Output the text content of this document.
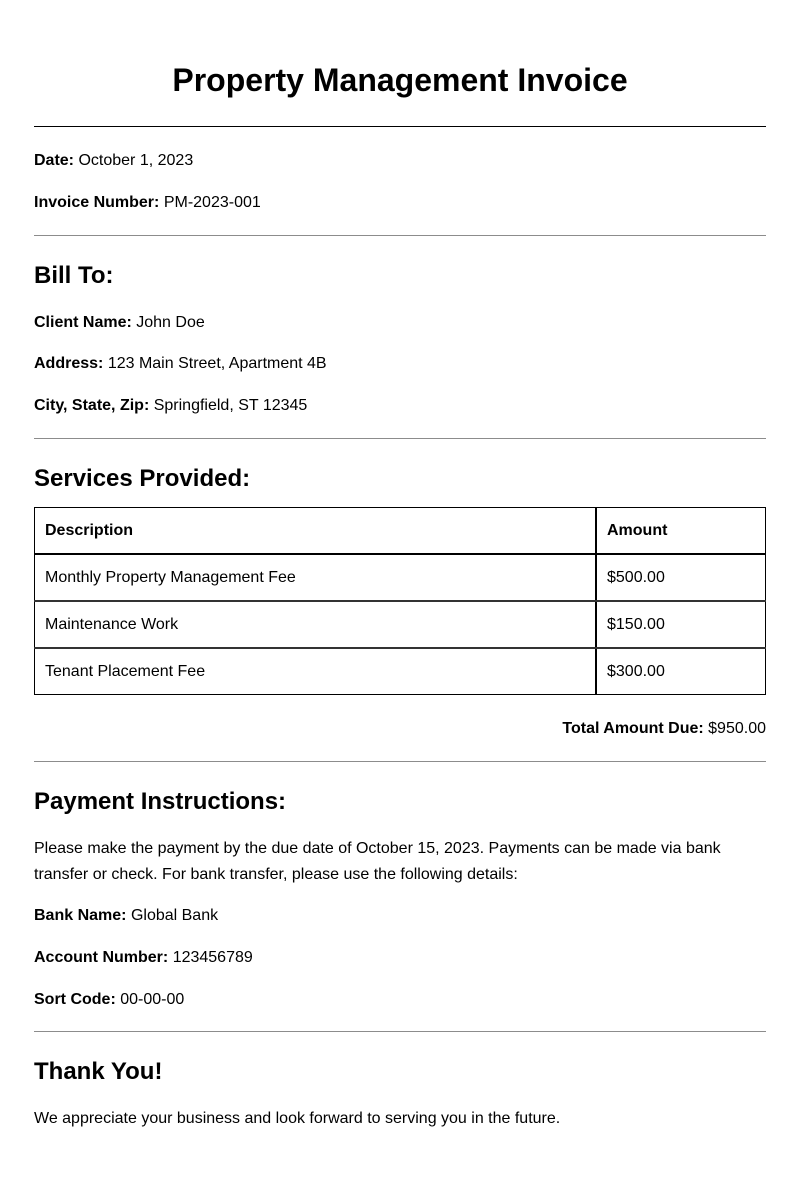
Property Management Invoice

Date: October 1, 2023

Invoice Number: PM-2023-001

Bill To:

Client Name: John Doe

Address: 123 Main Street, Apartment 4B

City, State, Zip: Springfield, ST 12345

Services Provided:
Description	Amount
Monthly Property Management Fee	$500.00
Maintenance Work	$150.00
Tenant Placement Fee	$300.00

Total Amount Due: $950.00

Payment Instructions:

Please make the payment by the due date of October 15, 2023. Payments can be made via bank transfer or check. For bank transfer, please use the following details:

Bank Name: Global Bank

Account Number: 123456789

Sort Code: 00-00-00

Thank You!

We appreciate your business and look forward to serving you in the future.
